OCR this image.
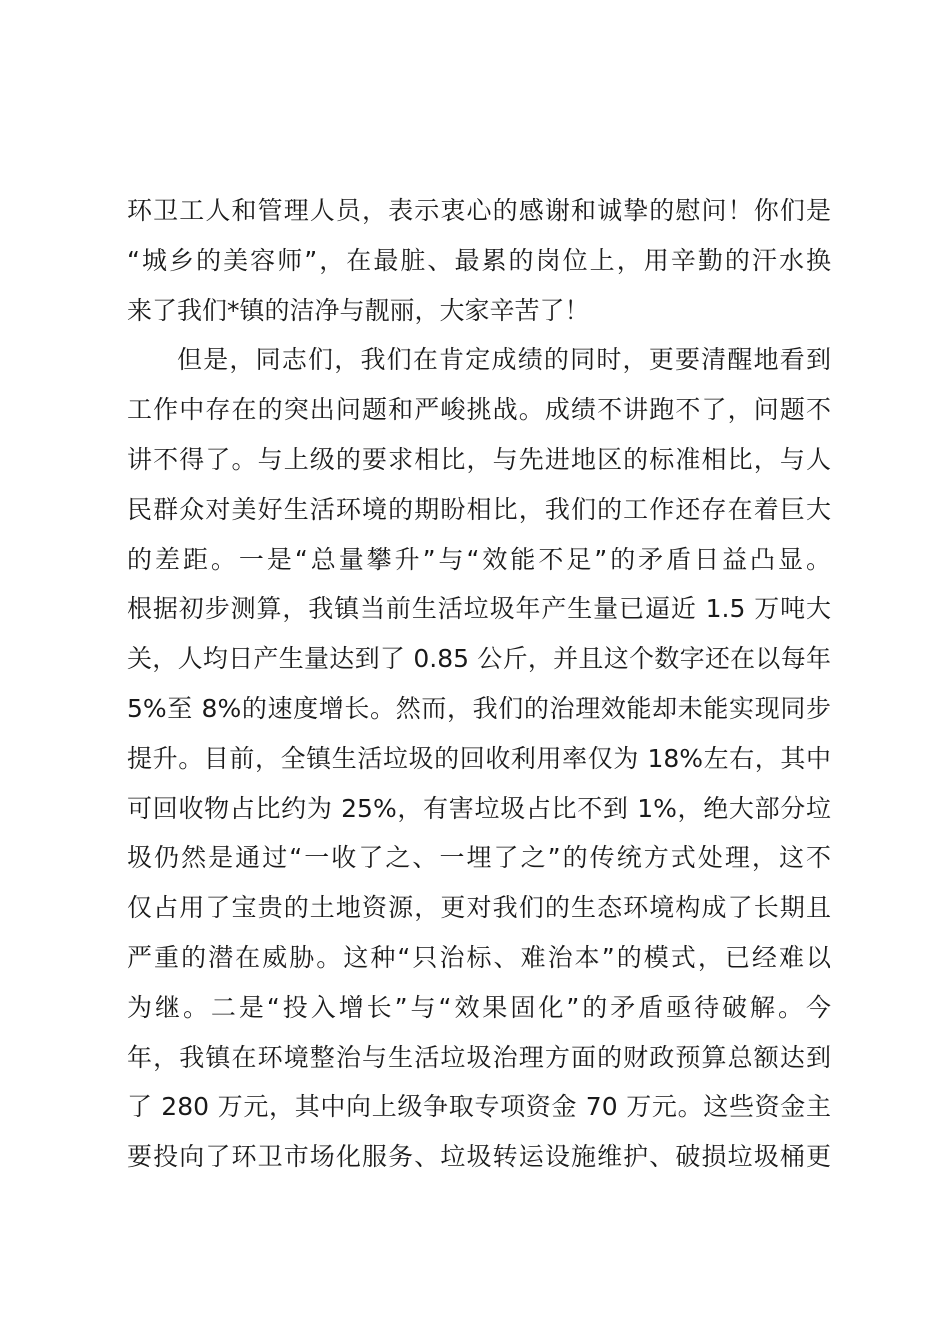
环卫工人和管理人员，表示衷心的感谢和诚挚的慰问！你们是
“城乡的美容师”，在最脏、最累的岗位上，用辛勤的汗水换
来了我们*镇的洁净与靓丽，大家辛苦了！
但是，同志们，我们在肯定成绩的同时，更要清醒地看到
工作中存在的突出问题和严峻挑战。成绩不讲跑不了，问题不
讲不得了。与上级的要求相比，与先进地区的标准相比，与人
民群众对美好生活环境的期盼相比，我们的工作还存在着巨大
的差距。一是“总量攀升”与“效能不足”的矛盾日益凸显。
根据初步测算，我镇当前生活垃圾年产生量已逼近 1.5 万吨大
关，人均日产生量达到了 0.85 公斤，并且这个数字还在以每年
5%至 8%的速度增长。然而，我们的治理效能却未能实现同步
提升。目前，全镇生活垃圾的回收利用率仅为 18%左右，其中
可回收物占比约为 25%，有害垃圾占比不到 1%，绝大部分垃
圾仍然是通过“一收了之、一埋了之”的传统方式处理，这不
仅占用了宝贵的土地资源，更对我们的生态环境构成了长期且
严重的潜在威胁。这种“只治标、难治本”的模式，已经难以
为继。二是“投入增长”与“效果固化”的矛盾亟待破解。今
年，我镇在环境整治与生活垃圾治理方面的财政预算总额达到
了 280 万元，其中向上级争取专项资金 70 万元。这些资金主
要投向了环卫市场化服务、垃圾转运设施维护、破损垃圾桶更
